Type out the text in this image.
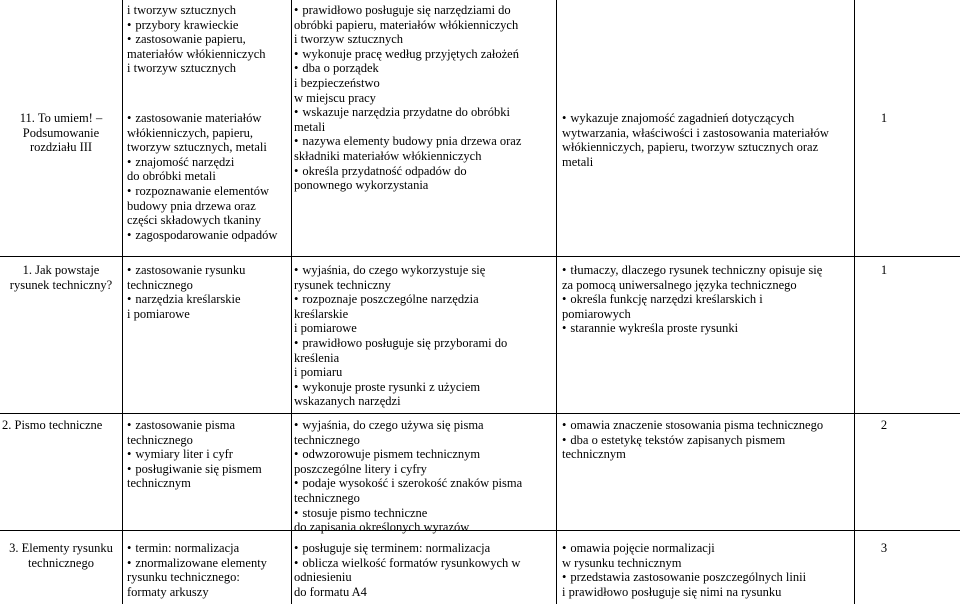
11. To umiem! –
Podsumowanie
rozdziału III
i tworzyw sztucznych
• przybory krawieckie
• zastosowanie papieru,
materiałów włókienniczych
i tworzyw sztucznych
• zastosowanie materiałów
włókienniczych, papieru,
tworzyw sztucznych, metali
• znajomość narzędzi
do obróbki metali
• rozpoznawanie elementów
budowy pnia drzewa oraz
części składowych tkaniny
• zagospodarowanie odpadów
• prawidłowo posługuje się narzędziami do
obróbki papieru, materiałów włókienniczych
i tworzyw sztucznych
• wykonuje pracę według przyjętych założeń
• dba o porządek
i bezpieczeństwo
w miejscu pracy
• wskazuje narzędzia przydatne do obróbki
metali
• nazywa elementy budowy pnia drzewa oraz
składniki materiałów włókienniczych
• określa przydatność odpadów do
ponownego wykorzystania
• wykazuje znajomość zagadnień dotyczących
wytwarzania, właściwości i zastosowania materiałów
włókienniczych, papieru, tworzyw sztucznych oraz
metali
1
1. Jak powstaje
rysunek techniczny?
• zastosowanie rysunku
technicznego
• narzędzia kreślarskie
i pomiarowe
• wyjaśnia, do czego wykorzystuje się
rysunek techniczny
• rozpoznaje poszczególne narzędzia
kreślarskie
i pomiarowe
• prawidłowo posługuje się przyborami do
kreślenia
i pomiaru
• wykonuje proste rysunki z użyciem
wskazanych narzędzi
• tłumaczy, dlaczego rysunek techniczny opisuje się
za pomocą uniwersalnego języka technicznego
• określa funkcję narzędzi kreślarskich i
pomiarowych
• starannie wykreśla proste rysunki
1
2. Pismo techniczne
•	zastosowanie pisma
technicznego
• wymiary liter i cyfr
• posługiwanie się pismem
technicznym
• wyjaśnia, do czego używa się pisma
technicznego
• odwzorowuje pismem technicznym
poszczególne litery i cyfry
• podaje wysokość i szerokość znaków pisma
technicznego
• stosuje pismo techniczne
do zapisania określonych wyrazów
• omawia znaczenie stosowania pisma technicznego
• dba o estetykę tekstów zapisanych pismem
technicznym
2
3. Elementy rysunku
technicznego
• termin: normalizacja
• znormalizowane elementy
rysunku technicznego:
formaty arkuszy
• posługuje się terminem: normalizacja
• oblicza wielkość formatów rysunkowych w
odniesieniu
do formatu A4
• omawia pojęcie normalizacji
w rysunku technicznym
• przedstawia zastosowanie poszczególnych linii
i prawidłowo posługuje się nimi na rysunku
3
